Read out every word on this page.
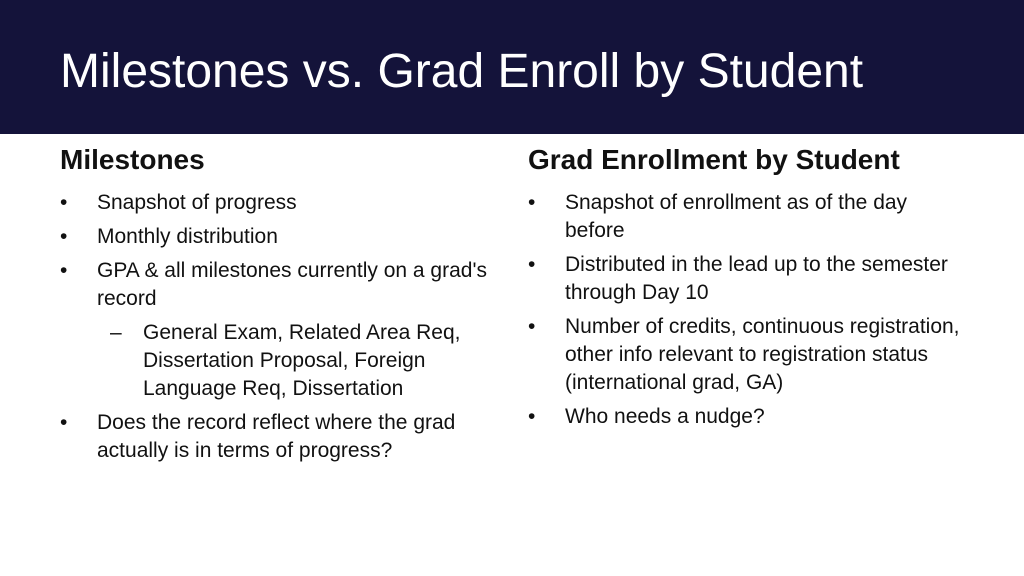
Milestones vs. Grad Enroll by Student
Milestones
• Snapshot of progress
• Monthly distribution
• GPA & all milestones currently on a grad's record
– General Exam, Related Area Req, Dissertation Proposal, Foreign Language Req, Dissertation
• Does the record reflect where the grad actually is in terms of progress?
Grad Enrollment by Student
• Snapshot of enrollment as of the day before
• Distributed in the lead up to the semester through Day 10
• Number of credits, continuous registration, other info relevant to registration status (international grad, GA)
• Who needs a nudge?
